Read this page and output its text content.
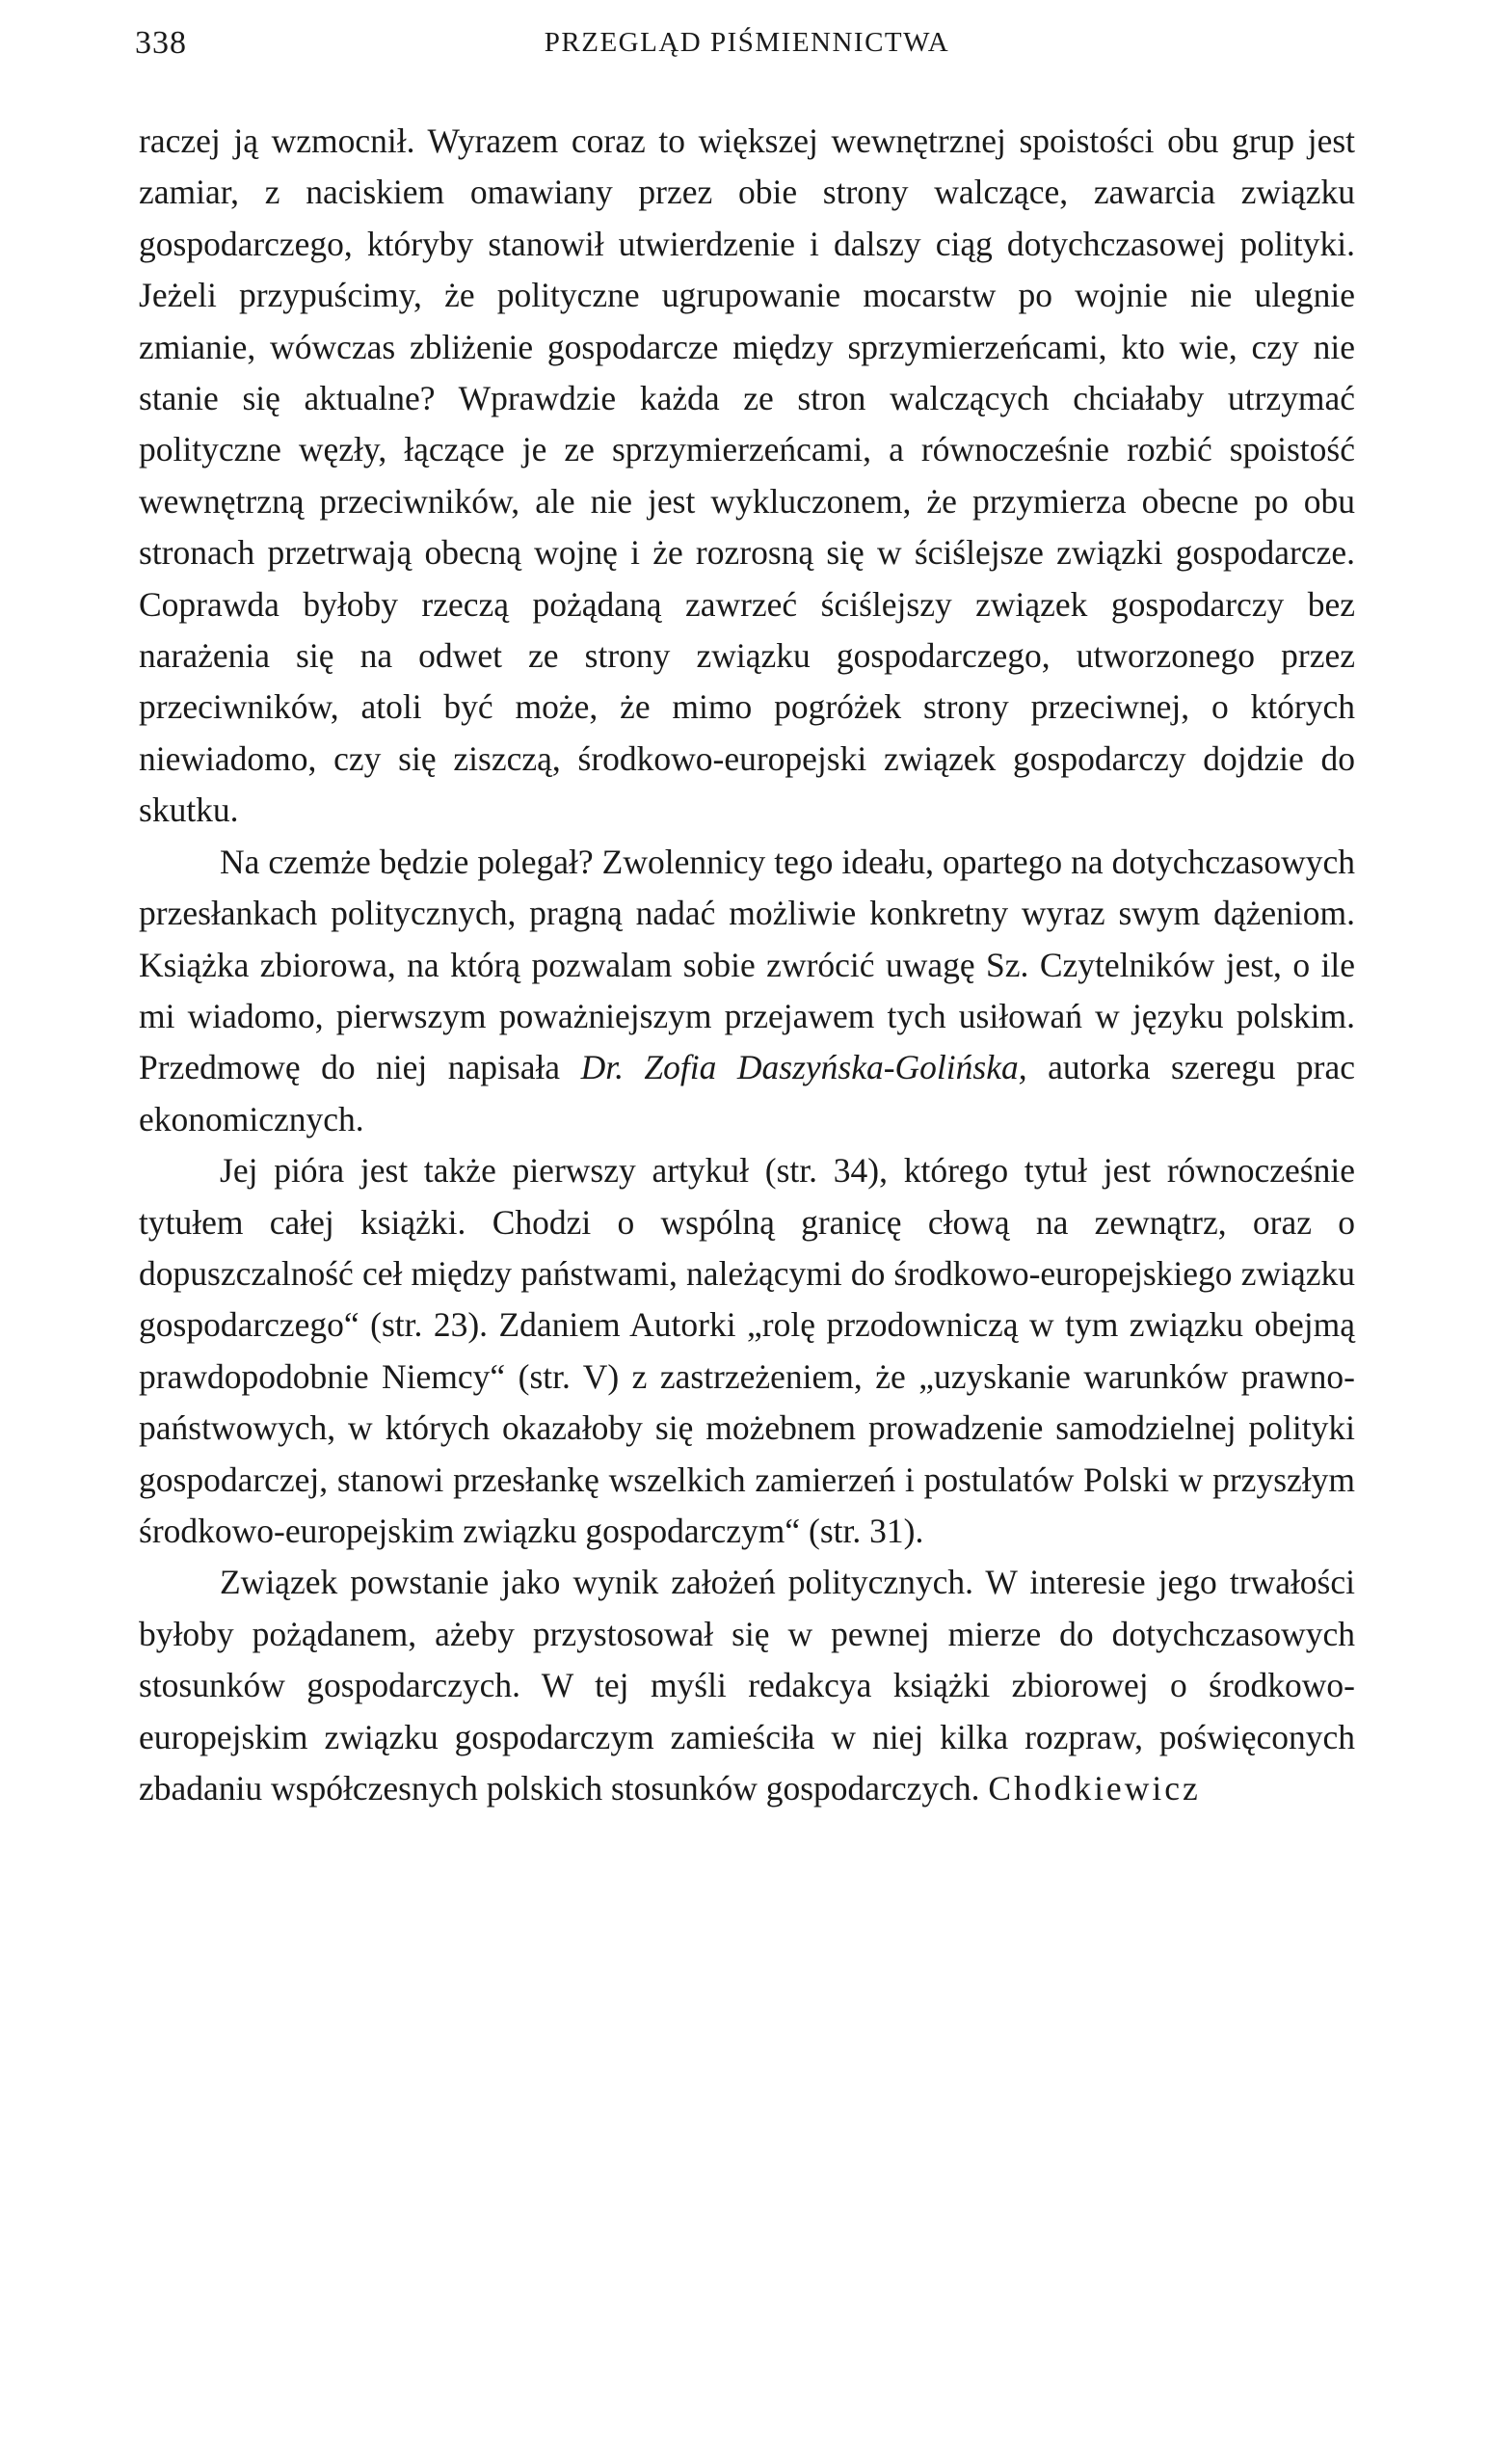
338	PRZEGLĄD PIŚMIENNICTWA

raczej ją wzmocnił. Wyrazem coraz to większej wewnętrznej spoistości obu grup jest zamiar, z naciskiem omawiany przez obie strony walczące, zawarcia związku gospodarczego, któryby stanowił utwierdzenie i dalszy ciąg dotychczasowej polityki. Jeżeli przypuścimy, że polityczne ugrupowanie mocarstw po wojnie nie ulegnie zmianie, wówczas zbliżenie gospodarcze między sprzymierzeńcami, kto wie, czy nie stanie się aktualne? Wprawdzie każda ze stron walczących chciałaby utrzymać polityczne węzły, łączące je ze sprzymierzeńcami, a równocześnie rozbić spoistość wewnętrzną przeciwników, ale nie jest wykluczonem, że przymierza obecne po obu stronach przetrwają obecną wojnę i że rozrosną się w ściślejsze związki gospodarcze. Coprawda byłoby rzeczą pożądaną zawrzeć ściślejszy związek gospodarczy bez narażenia się na odwet ze strony związku gospodarczego, utworzonego przez przeciwników, atoli być może, że mimo pogróżek strony przeciwnej, o których niewiadomo, czy się ziszczą, środkowo-europejski związek gospodarczy dojdzie do skutku.

Na czemże będzie polegał? Zwolennicy tego ideału, opartego na dotychczasowych przesłankach politycznych, pragną nadać możliwie konkretny wyraz swym dążeniom. Książka zbiorowa, na którą pozwalam sobie zwrócić uwagę Sz. Czytelników jest, o ile mi wiadomo, pierwszym poważniejszym przejawem tych usiłowań w języku polskim. Przedmowę do niej napisała Dr. Zofia Daszyńska-Golińska, autorka szeregu prac ekonomicznych.

Jej pióra jest także pierwszy artykuł (str. 34), którego tytuł jest równocześnie tytułem całej książki. Chodzi o wspólną granicę cłową na zewnątrz, oraz o dopuszczalność ceł między państwami, należącymi do środkowo-europejskiego związku gospodarczego“ (str. 23). Zdaniem Autorki „rolę przodowniczą w tym związku obejmą prawdopodobnie Niemcy“ (str. V) z zastrzeżeniem, że „uzyskanie warunków prawno-państwowych, w których okazałoby się możebnem prowadzenie samodzielnej polityki gospodarczej, stanowi przesłankę wszelkich zamierzeń i postulatów Polski w przyszłym środkowo-europejskim związku gospodarczym“ (str. 31).

Związek powstanie jako wynik założeń politycznych. W interesie jego trwałości byłoby pożądanem, ażeby przystosował się w pewnej mierze do dotychczasowych stosunków gospodarczych. W tej myśli redakcya książki zbiorowej o środkowo-europejskim związku gospodarczym zamieściła w niej kilka rozpraw, poświęconych zbadaniu współczesnych polskich stosunków gospodarczych. Chodkiewicz
